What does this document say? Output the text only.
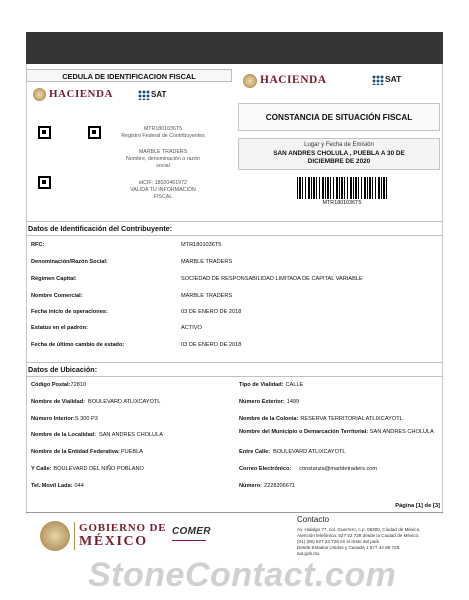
CEDULA DE IDENTIFICACION FISCAL
HACIENDA	SAT
MTR1801036T5
Registro Federal de Contribuyentes
MARBLE TRADERS
Nombre, denominación o razón
social
idCIF: 18020461972
VALIDA TU INFORMACIÓN
FISCAL
HACIENDA	SAT
CONSTANCIA DE SITUACIÓN FISCAL
Lugar y Fecha de Emisión
SAN ANDRES CHOLULA , PUEBLA A 30 DE
DICIEMBRE DE 2020
MTR1801036T5
Datos de Identificación del Contribuyente:
RFC:	MTR1801036T5
Denominación/Razón Social:	MARBLE TRADERS
Régimen Capital:	SOCIEDAD DE RESPONSABILIDAD LIMITADA DE CAPITAL VARIABLE
Nombre Comercial:	MARBLE TRADERS
Fecha inicio de operaciones:	03 DE ENERO DE 2018
Estatus en el padrón:	ACTIVO
Fecha de último cambio de estado:	03 DE ENERO DE 2018
Datos de Ubicación:
Código Postal:72810
Nombre de Vialidad: BOULEVARD ATLIXCAYOTL
Número Interior:S 300 P3
Nombre de la Localidad: SAN ANDRES CHOLULA
Nombre de la Entidad Federativa:PUEBLA
Y Calle: BOULEVARD DEL NIÑO POBLANO
Tel. Movil Lada: 044
Tipo de Vialidad: CALLE
Número Exterior: 1499
Nombre de la Colonia: RESERVA TERRITORIAL ATLIXCAYOTL
Nombre del Municipio o Demarcación Territorial: SAN ANDRES CHOLULA
Entre Calle: BOULEVARD ATLIXCAYOTL
Correo Electrónico: constanza@marbletraders.com
Número: 2228206671
Página [1] de [3]
GOBIERNO DE
MÉXICO
COMER
Contacto
Av. Hidalgo 77, col. Guerrero, c.p. 06300, Ciudad de México.
Atención telefónica: 627 22 728 desde la Ciudad de México,
(01) (55) 627 22 728 en el resto del país.
Desde Estados Unidos y Canadá 1 877 44 88 728.
sat.gob.mx
StoneContact.com
